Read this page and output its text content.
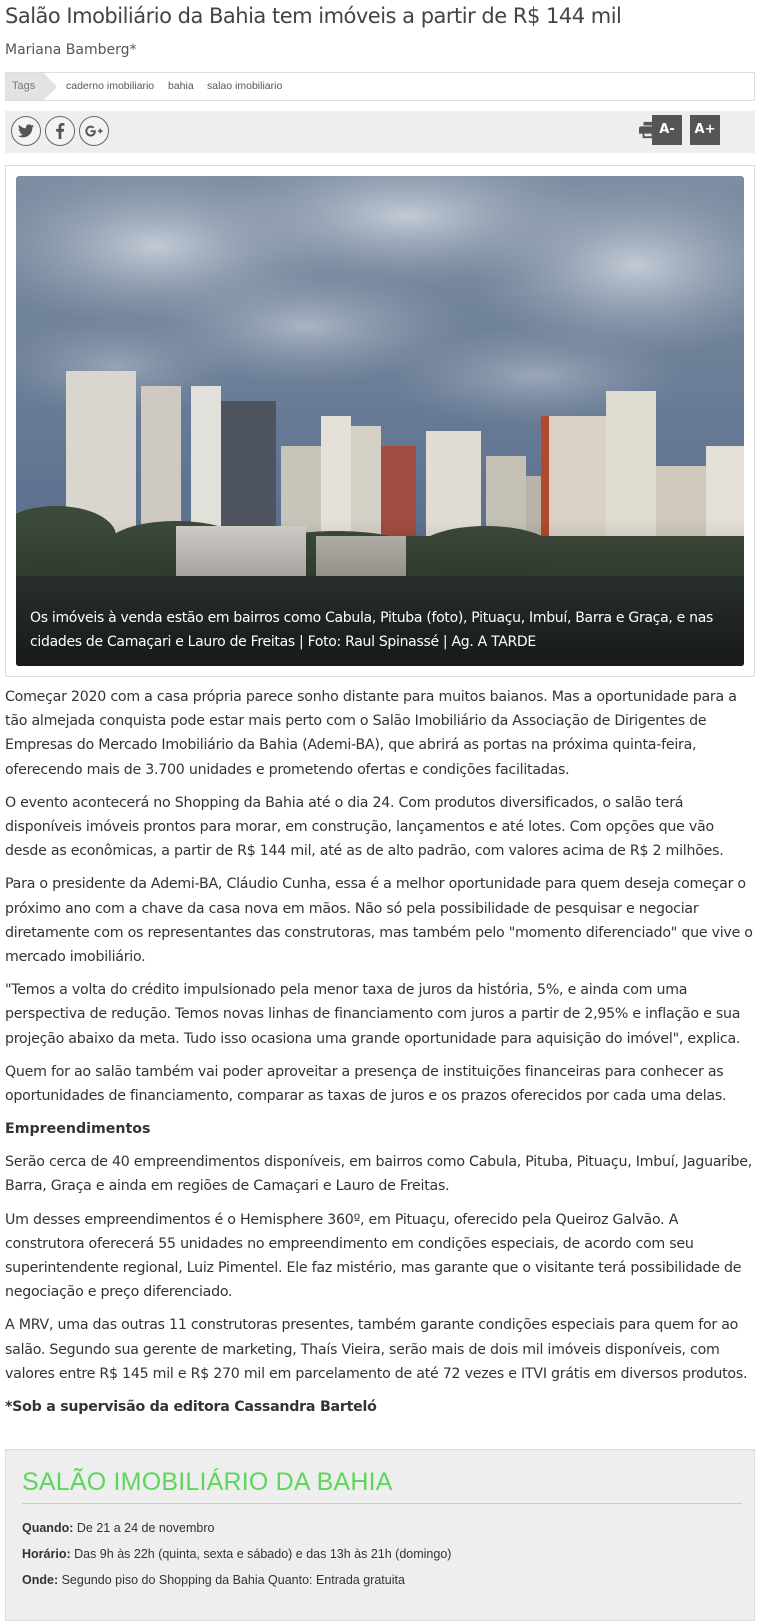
Salão Imobiliário da Bahia tem imóveis a partir de R$ 144 mil
Mariana Bamberg*
Tags	caderno imobiliario bahia salao imobiliario
A-	A+
Os imóveis à venda estão em bairros como Cabula, Pituba (foto), Pituaçu, Imbuí, Barra e Graça, e nas cidades de Camaçari e Lauro de Freitas | Foto: Raul Spinassé | Ag. A TARDE

Começar 2020 com a casa própria parece sonho distante para muitos baianos. Mas a oportunidade para a tão almejada conquista pode estar mais perto com o Salão Imobiliário da Associação de Dirigentes de Empresas do Mercado Imobiliário da Bahia (Ademi-BA), que abrirá as portas na próxima quinta-feira, oferecendo mais de 3.700 unidades e prometendo ofertas e condições facilitadas.

O evento acontecerá no Shopping da Bahia até o dia 24. Com produtos diversificados, o salão terá disponíveis imóveis prontos para morar, em construção, lançamentos e até lotes. Com opções que vão desde as econômicas, a partir de R$ 144 mil, até as de alto padrão, com valores acima de R$ 2 milhões.

Para o presidente da Ademi-BA, Cláudio Cunha, essa é a melhor oportunidade para quem deseja começar o próximo ano com a chave da casa nova em mãos. Não só pela possibilidade de pesquisar e negociar diretamente com os representantes das construtoras, mas também pelo "momento diferenciado" que vive o mercado imobiliário.

"Temos a volta do crédito impulsionado pela menor taxa de juros da história, 5%, e ainda com uma perspectiva de redução. Temos novas linhas de financiamento com juros a partir de 2,95% e inflação e sua projeção abaixo da meta. Tudo isso ocasiona uma grande oportunidade para aquisição do imóvel", explica.

Quem for ao salão também vai poder aproveitar a presença de instituições financeiras para conhecer as oportunidades de financiamento, comparar as taxas de juros e os prazos oferecidos por cada uma delas.

Empreendimentos

Serão cerca de 40 empreendimentos disponíveis, em bairros como Cabula, Pituba, Pituaçu, Imbuí, Jaguaribe, Barra, Graça e ainda em regiões de Camaçari e Lauro de Freitas.

Um desses empreendimentos é o Hemisphere 360º, em Pituaçu, oferecido pela Queiroz Galvão. A construtora oferecerá 55 unidades no empreendimento em condições especiais, de acordo com seu superintendente regional, Luiz Pimentel. Ele faz mistério, mas garante que o visitante terá possibilidade de negociação e preço diferenciado.

A MRV, uma das outras 11 construtoras presentes, também garante condições especiais para quem for ao salão. Segundo sua gerente de marketing, Thaís Vieira, serão mais de dois mil imóveis disponíveis, com valores entre R$ 145 mil e R$ 270 mil em parcelamento de até 72 vezes e ITVI grátis em diversos produtos.

*Sob a supervisão da editora Cassandra Barteló

SALÃO IMOBILIÁRIO DA BAHIA
Quando: De 21 a 24 de novembro
Horário: Das 9h às 22h (quinta, sexta e sábado) e das 13h às 21h (domingo)
Onde: Segundo piso do Shopping da Bahia Quanto: Entrada gratuita
